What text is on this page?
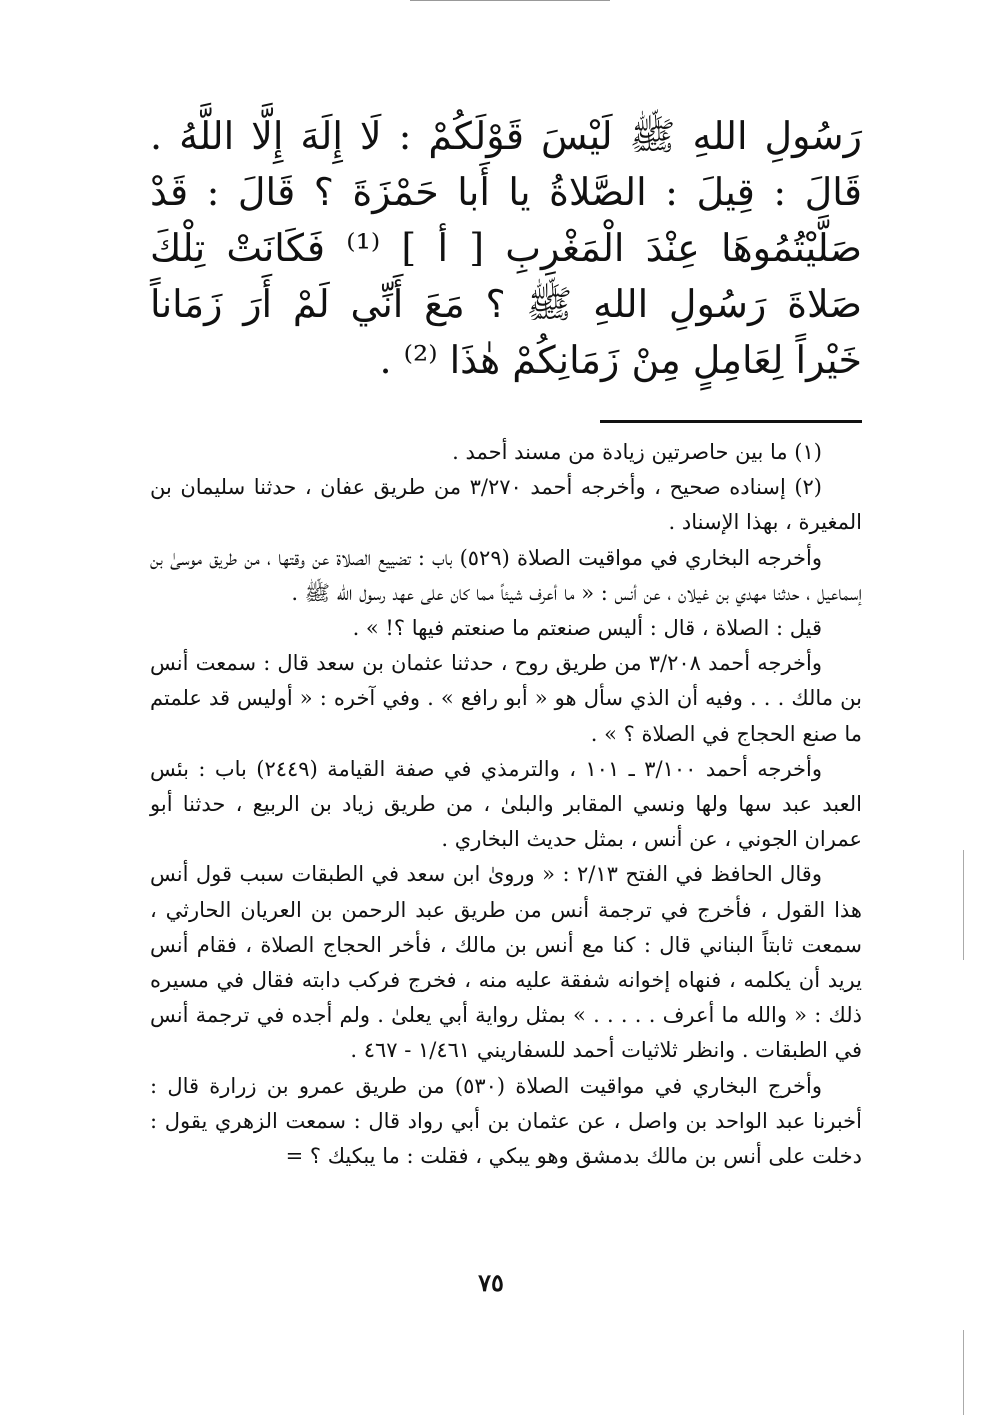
رَسُولِ اللهِ ﷺ لَيْسَ قَوْلَكُمْ : لَا إِلَهَ إِلَّا اللَّهُ . قَالَ : قِيلَ : الصَّلاةُ يا أَبا حَمْزَةَ ؟ قَالَ : قَدْ صَلَّيْتُمُوهَا عِنْدَ الْمَغْرِبِ [ أ ] ⁽¹⁾ فَكَانَتْ تِلْكَ صَلاةَ رَسُولِ اللهِ ﷺ ؟ مَعَ أَنِّي لَمْ أَرَ زَمَاناً خَيْراً لِعَامِلٍ مِنْ زَمَانِكُمْ هٰذَا ⁽²⁾ .

(١) ما بين حاصرتين زيادة من مسند أحمد .

(٢) إسناده صحيح ، وأخرجه أحمد ٣/٢٧٠ من طريق عفان ، حدثنا سليمان بن المغيرة ، بهذا الإسناد .

وأخرجه البخاري في مواقيت الصلاة (٥٢٩) باب : تضييع الصلاة عن وقتها ، من طريق موسىٰ بن إسماعيل ، حدثنا مهدي بن غيلان ، عن أنس : « ما أعرف شيئاً مما كان على عهد رسول الله ﷺ .

قيل : الصلاة ، قال : أليس صنعتم ما صنعتم فيها ؟! » .

وأخرجه أحمد ٣/٢٠٨ من طريق روح ، حدثنا عثمان بن سعد قال : سمعت أنس بن مالك . . . وفيه أن الذي سأل هو « أبو رافع » . وفي آخره : « أوليس قد علمتم ما صنع الحجاج في الصلاة ؟ » .

وأخرجه أحمد ٣/١٠٠ ـ ١٠١ ، والترمذي في صفة القيامة (٢٤٤٩) باب : بئس العبد عبد سها ولها ونسي المقابر والبلىٰ ، من طريق زياد بن الربيع ، حدثنا أبو عمران الجوني ، عن أنس ، بمثل حديث البخاري .

وقال الحافظ في الفتح ٢/١٣ : « وروىٰ ابن سعد في الطبقات سبب قول أنس هذا القول ، فأخرج في ترجمة أنس من طريق عبد الرحمن بن العريان الحارثي ، سمعت ثابتاً البناني قال : كنا مع أنس بن مالك ، فأخر الحجاج الصلاة ، فقام أنس يريد أن يكلمه ، فنهاه إخوانه شفقة عليه منه ، فخرج فركب دابته فقال في مسيره ذلك : « والله ما أعرف . . . . . » بمثل رواية أبي يعلىٰ . ولم أجده في ترجمة أنس في الطبقات . وانظر ثلاثيات أحمد للسفاريني ١/٤٦١ - ٤٦٧ .

وأخرج البخاري في مواقيت الصلاة (٥٣٠) من طريق عمرو بن زرارة قال : أخبرنا عبد الواحد بن واصل ، عن عثمان بن أبي رواد قال : سمعت الزهري يقول : دخلت على أنس بن مالك بدمشق وهو يبكي ، فقلت : ما يبكيك ؟ =

٧٥
